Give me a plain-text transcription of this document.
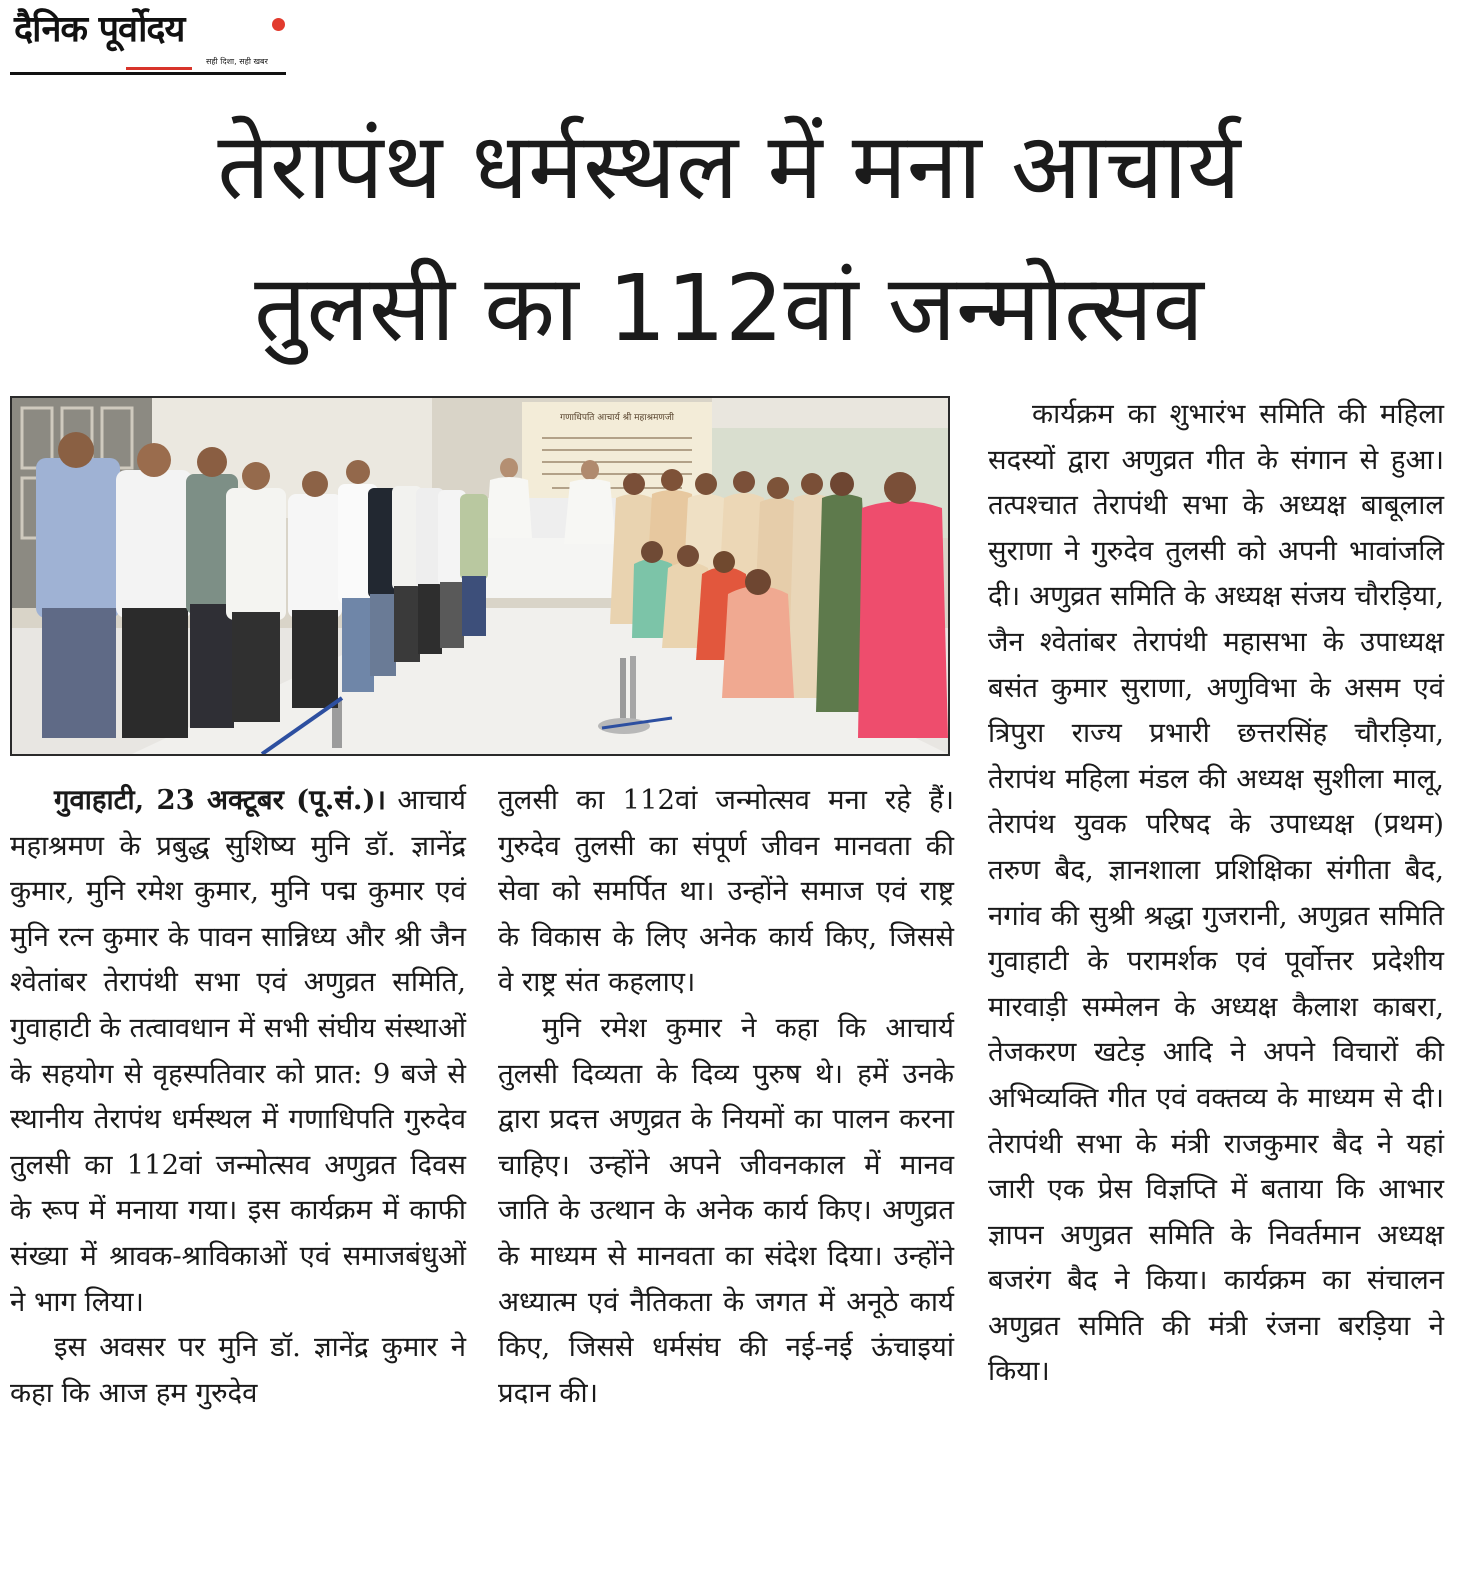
दैनिक पूर्वोदय
सही दिशा, सही खबर
तेरापंथ धर्मस्थल में मना आचार्य
तुलसी का 112वां जन्मोत्सव
गणाधिपति आचार्य श्री महाश्रमणजी

गुवाहाटी, 23 अक्टूबर (पू.सं.)। आचार्य महाश्रमण के प्रबुद्ध सुशिष्य मुनि डॉ. ज्ञानेंद्र कुमार, मुनि रमेश कुमार, मुनि पद्म कुमार एवं मुनि रत्न कुमार के पावन सान्निध्य और श्री जैन श्वेतांबर तेरापंथी सभा एवं अणुव्रत समिति, गुवाहाटी के तत्वावधान में सभी संघीय संस्थाओं के सहयोग से वृहस्पतिवार को प्रात: 9 बजे से स्थानीय तेरापंथ धर्मस्थल में गणाधिपति गुरुदेव तुलसी का 112वां जन्मोत्सव अणुव्रत दिवस के रूप में मनाया गया। इस कार्यक्रम में काफी संख्या में श्रावक-श्राविकाओं एवं समाजबंधुओं ने भाग लिया।

इस अवसर पर मुनि डॉ. ज्ञानेंद्र कुमार ने कहा कि आज हम गुरुदेव

तुलसी का 112वां जन्मोत्सव मना रहे हैं। गुरुदेव तुलसी का संपूर्ण जीवन मानवता की सेवा को समर्पित था। उन्होंने समाज एवं राष्ट्र के विकास के लिए अनेक कार्य किए, जिससे वे राष्ट्र संत कहलाए।

मुनि रमेश कुमार ने कहा कि आचार्य तुलसी दिव्यता के दिव्य पुरुष थे। हमें उनके द्वारा प्रदत्त अणुव्रत के नियमों का पालन करना चाहिए। उन्होंने अपने जीवनकाल में मानव जाति के उत्थान के अनेक कार्य किए। अणुव्रत के माध्यम से मानवता का संदेश दिया। उन्होंने अध्यात्म एवं नैतिकता के जगत में अनूठे कार्य किए, जिससे धर्मसंघ की नई-नई ऊंचाइयां प्रदान की।

कार्यक्रम का शुभारंभ समिति की महिला सदस्यों द्वारा अणुव्रत गीत के संगान से हुआ। तत्पश्चात तेरापंथी सभा के अध्यक्ष बाबूलाल सुराणा ने गुरुदेव तुलसी को अपनी भावांजलि दी। अणुव्रत समिति के अध्यक्ष संजय चौरड़िया, जैन श्वेतांबर तेरापंथी महासभा के उपाध्यक्ष बसंत कुमार सुराणा, अणुविभा के असम एवं त्रिपुरा राज्य प्रभारी छत्तरसिंह चौरड़िया, तेरापंथ महिला मंडल की अध्यक्ष सुशीला मालू, तेरापंथ युवक परिषद के उपाध्यक्ष (प्रथम) तरुण बैद, ज्ञानशाला प्रशिक्षिका संगीता बैद, नगांव की सुश्री श्रद्धा गुजरानी, अणुव्रत समिति गुवाहाटी के परामर्शक एवं पूर्वोत्तर प्रदेशीय मारवाड़ी सम्मेलन के अध्यक्ष कैलाश काबरा, तेजकरण खटेड़ आदि ने अपने विचारों की अभिव्यक्ति गीत एवं वक्तव्य के माध्यम से दी। तेरापंथी सभा के मंत्री राजकुमार बैद ने यहां जारी एक प्रेस विज्ञप्ति में बताया कि आभार ज्ञापन अणुव्रत समिति के निवर्तमान अध्यक्ष बजरंग बैद ने किया। कार्यक्रम का संचालन अणुव्रत समिति की मंत्री रंजना बरड़िया ने किया।
